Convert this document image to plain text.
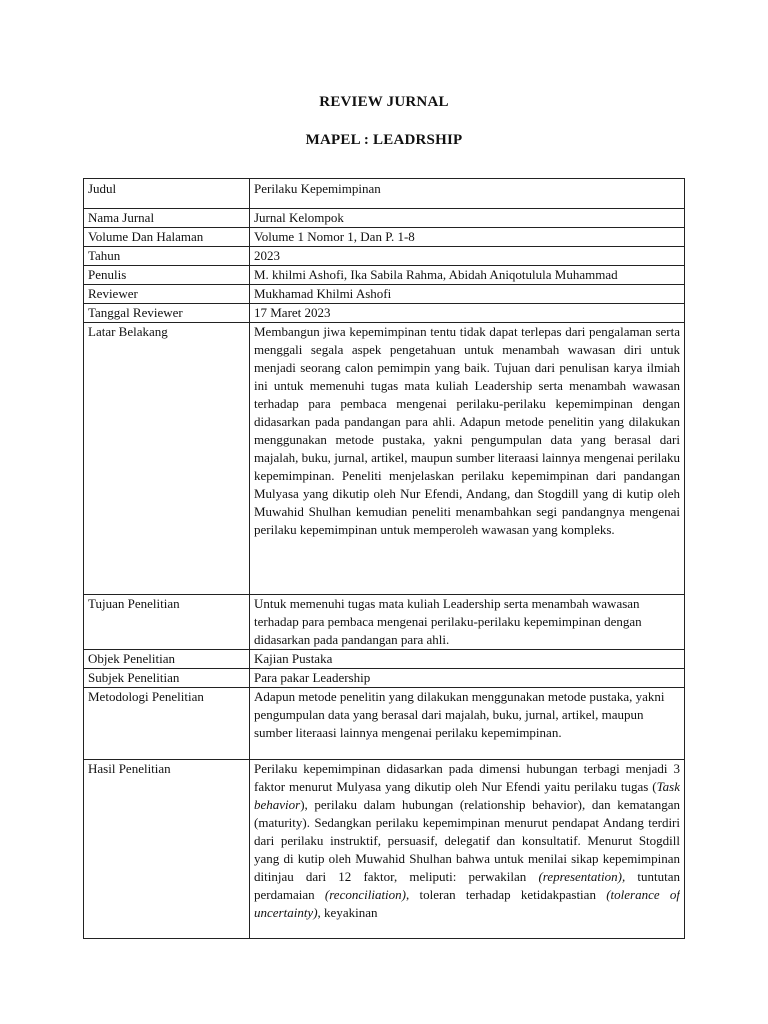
REVIEW JURNAL
MAPEL : LEADRSHIP
Judul	Perilaku Kepemimpinan
Nama Jurnal	Jurnal Kelompok
Volume Dan Halaman	Volume 1 Nomor 1, Dan P. 1-8
Tahun	2023
Penulis	M. khilmi Ashofi, Ika Sabila Rahma, Abidah Aniqotulula Muhammad
Reviewer	Mukhamad Khilmi Ashofi
Tanggal Reviewer	17 Maret 2023
Latar Belakang	Membangun jiwa kepemimpinan tentu tidak dapat terlepas dari pengalaman serta menggali segala aspek pengetahuan untuk menambah wawasan diri untuk menjadi seorang calon pemimpin yang baik. Tujuan dari penulisan karya ilmiah ini untuk memenuhi tugas mata kuliah Leadership serta menambah wawasan terhadap para pembaca mengenai perilaku-perilaku kepemimpinan dengan didasarkan pada pandangan para ahli. Adapun metode penelitin yang dilakukan menggunakan metode pustaka, yakni pengumpulan data yang berasal dari majalah, buku, jurnal, artikel, maupun sumber literaasi lainnya mengenai perilaku kepemimpinan. Peneliti menjelaskan perilaku kepemimpinan dari pandangan Mulyasa yang dikutip oleh Nur Efendi, Andang, dan Stogdill yang di kutip oleh Muwahid Shulhan kemudian peneliti menambahkan segi pandangnya mengenai perilaku kepemimpinan untuk memperoleh wawasan yang kompleks.
Tujuan Penelitian	Untuk memenuhi tugas mata kuliah Leadership serta menambah wawasan terhadap para pembaca mengenai perilaku-perilaku kepemimpinan dengan didasarkan pada pandangan para ahli.
Objek Penelitian	Kajian Pustaka
Subjek Penelitian	Para pakar Leadership
Metodologi Penelitian	Adapun metode penelitin yang dilakukan menggunakan metode pustaka, yakni pengumpulan data yang berasal dari majalah, buku, jurnal, artikel, maupun sumber literaasi lainnya mengenai perilaku kepemimpinan.
Hasil Penelitian	Perilaku kepemimpinan didasarkan pada dimensi hubungan terbagi menjadi 3 faktor menurut Mulyasa yang dikutip oleh Nur Efendi yaitu perilaku tugas (Task behavior), perilaku dalam hubungan (relationship behavior), dan kematangan (maturity). Sedangkan perilaku kepemimpinan menurut pendapat Andang terdiri dari perilaku instruktif, persuasif, delegatif dan konsultatif. Menurut Stogdill yang di kutip oleh Muwahid Shulhan bahwa untuk menilai sikap kepemimpinan ditinjau dari 12 faktor, meliputi: perwakilan (representation), tuntutan perdamaian (reconciliation), toleran terhadap ketidakpastian (tolerance of uncertainty), keyakinan
